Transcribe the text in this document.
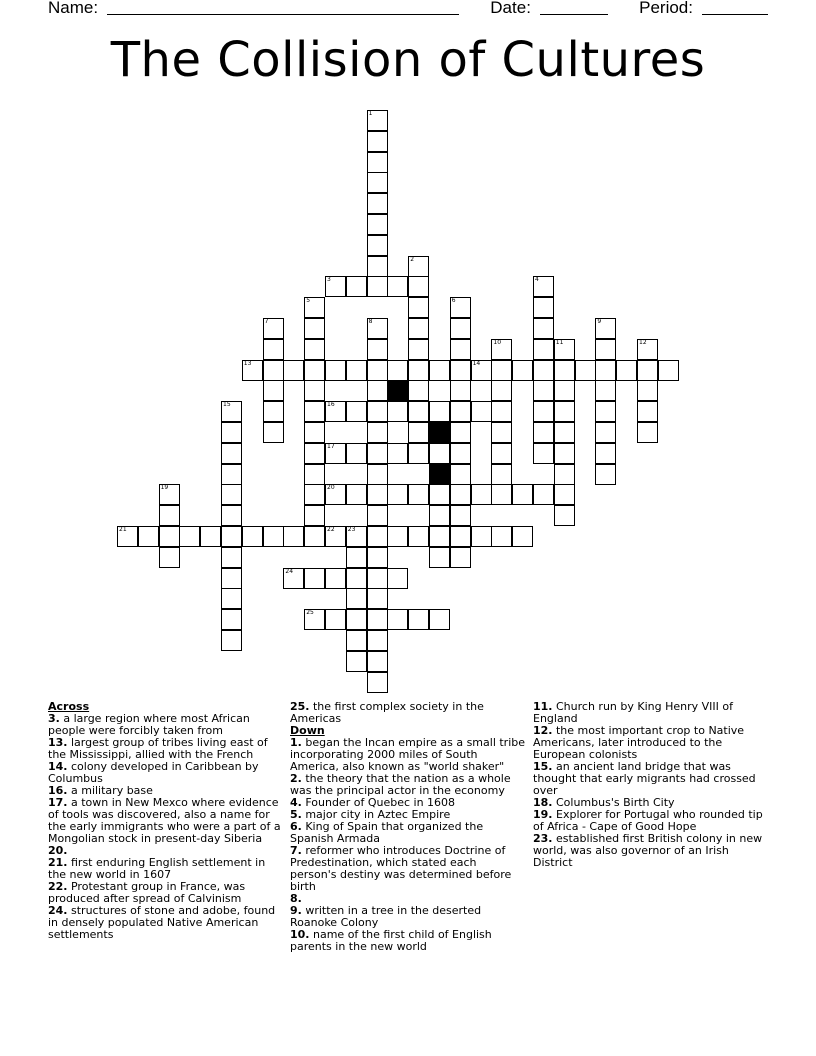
Name:	Date:	Period:
The Collision of Cultures
1
2
3	4
5	6
7	8	9
10	11	12
13	14
15	16
17
19	20
21	22 23
24
25

Across

3. a large region where most African people were forcibly taken from

13. largest group of tribes living east of the Mississippi, allied with the French

14. colony developed in Caribbean by Columbus

16. a military base

17. a town in New Mexco where evidence of tools was discovered, also a name for the early immigrants who were a part of a Mongolian stock in present-day Siberia

20.

21. first enduring English settlement in the new world in 1607

22. Protestant group in France, was produced after spread of Calvinism

24. structures of stone and adobe, found in densely populated Native American settlements

25. the first complex society in the Americas

Down

1. began the Incan empire as a small tribe incorporating 2000 miles of South America, also known as "world shaker"

2. the theory that the nation as a whole was the principal actor in the economy

4. Founder of Quebec in 1608

5. major city in Aztec Empire

6. King of Spain that organized the Spanish Armada

7. reformer who introduces Doctrine of Predestination, which stated each person's destiny was determined before birth

8.

9. written in a tree in the deserted Roanoke Colony

10. name of the first child of English parents in the new world

11. Church run by King Henry VIII of England

12. the most important crop to Native Americans, later introduced to the European colonists

15. an ancient land bridge that was thought that early migrants had crossed over

18. Columbus's Birth City

19. Explorer for Portugal who rounded tip of Africa - Cape of Good Hope

23. established first British colony in new world, was also governor of an Irish District
